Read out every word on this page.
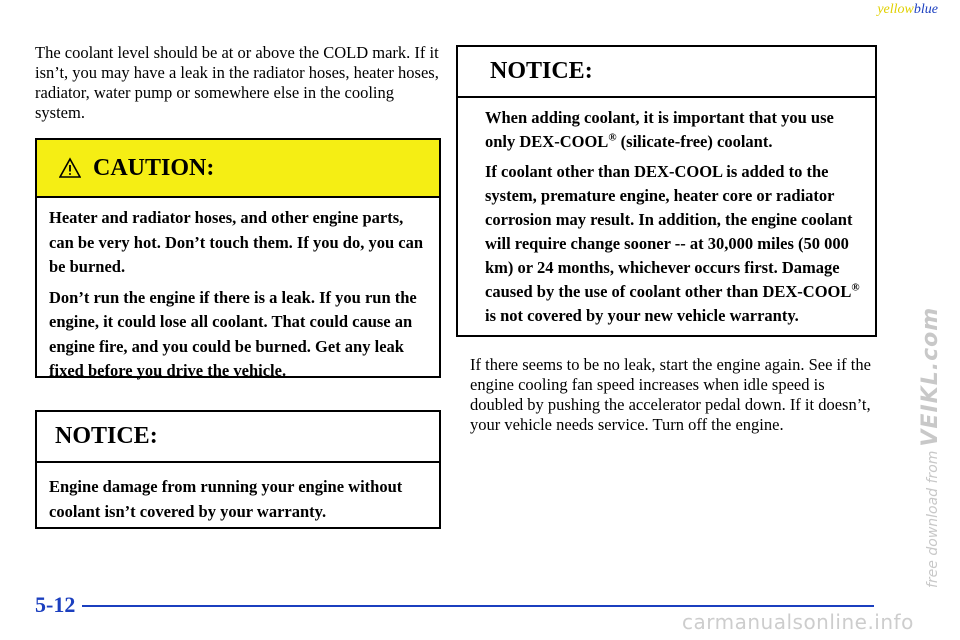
yellowblue

The coolant level should be at or above the COLD mark. If it isn’t, you may have a leak in the radiator hoses, heater hoses, radiator, water pump or somewhere else in the cooling system.

CAUTION:

Heater and radiator hoses, and other engine parts, can be very hot. Don’t touch them. If you do, you can be burned.

Don’t run the engine if there is a leak. If you run the engine, it could lose all coolant. That could cause an engine fire, and you could be burned. Get any leak fixed before you drive the vehicle.

NOTICE:

Engine damage from running your engine without coolant isn’t covered by your warranty.

NOTICE:

When adding coolant, it is important that you use only DEX-COOL® (silicate-free) coolant.

If coolant other than DEX-COOL is added to the system, premature engine, heater core or radiator corrosion may result. In addition, the engine coolant will require change sooner -- at 30,000 miles (50 000 km) or 24 months, whichever occurs first. Damage caused by the use of coolant other than DEX-COOL® is not covered by your new vehicle warranty.

If there seems to be no leak, start the engine again. See if the engine cooling fan speed increases when idle speed is doubled by pushing the accelerator pedal down. If it doesn’t, your vehicle needs service. Turn off the engine.

free download fromVEIKL.com
5-12
carmanualsonline.info
